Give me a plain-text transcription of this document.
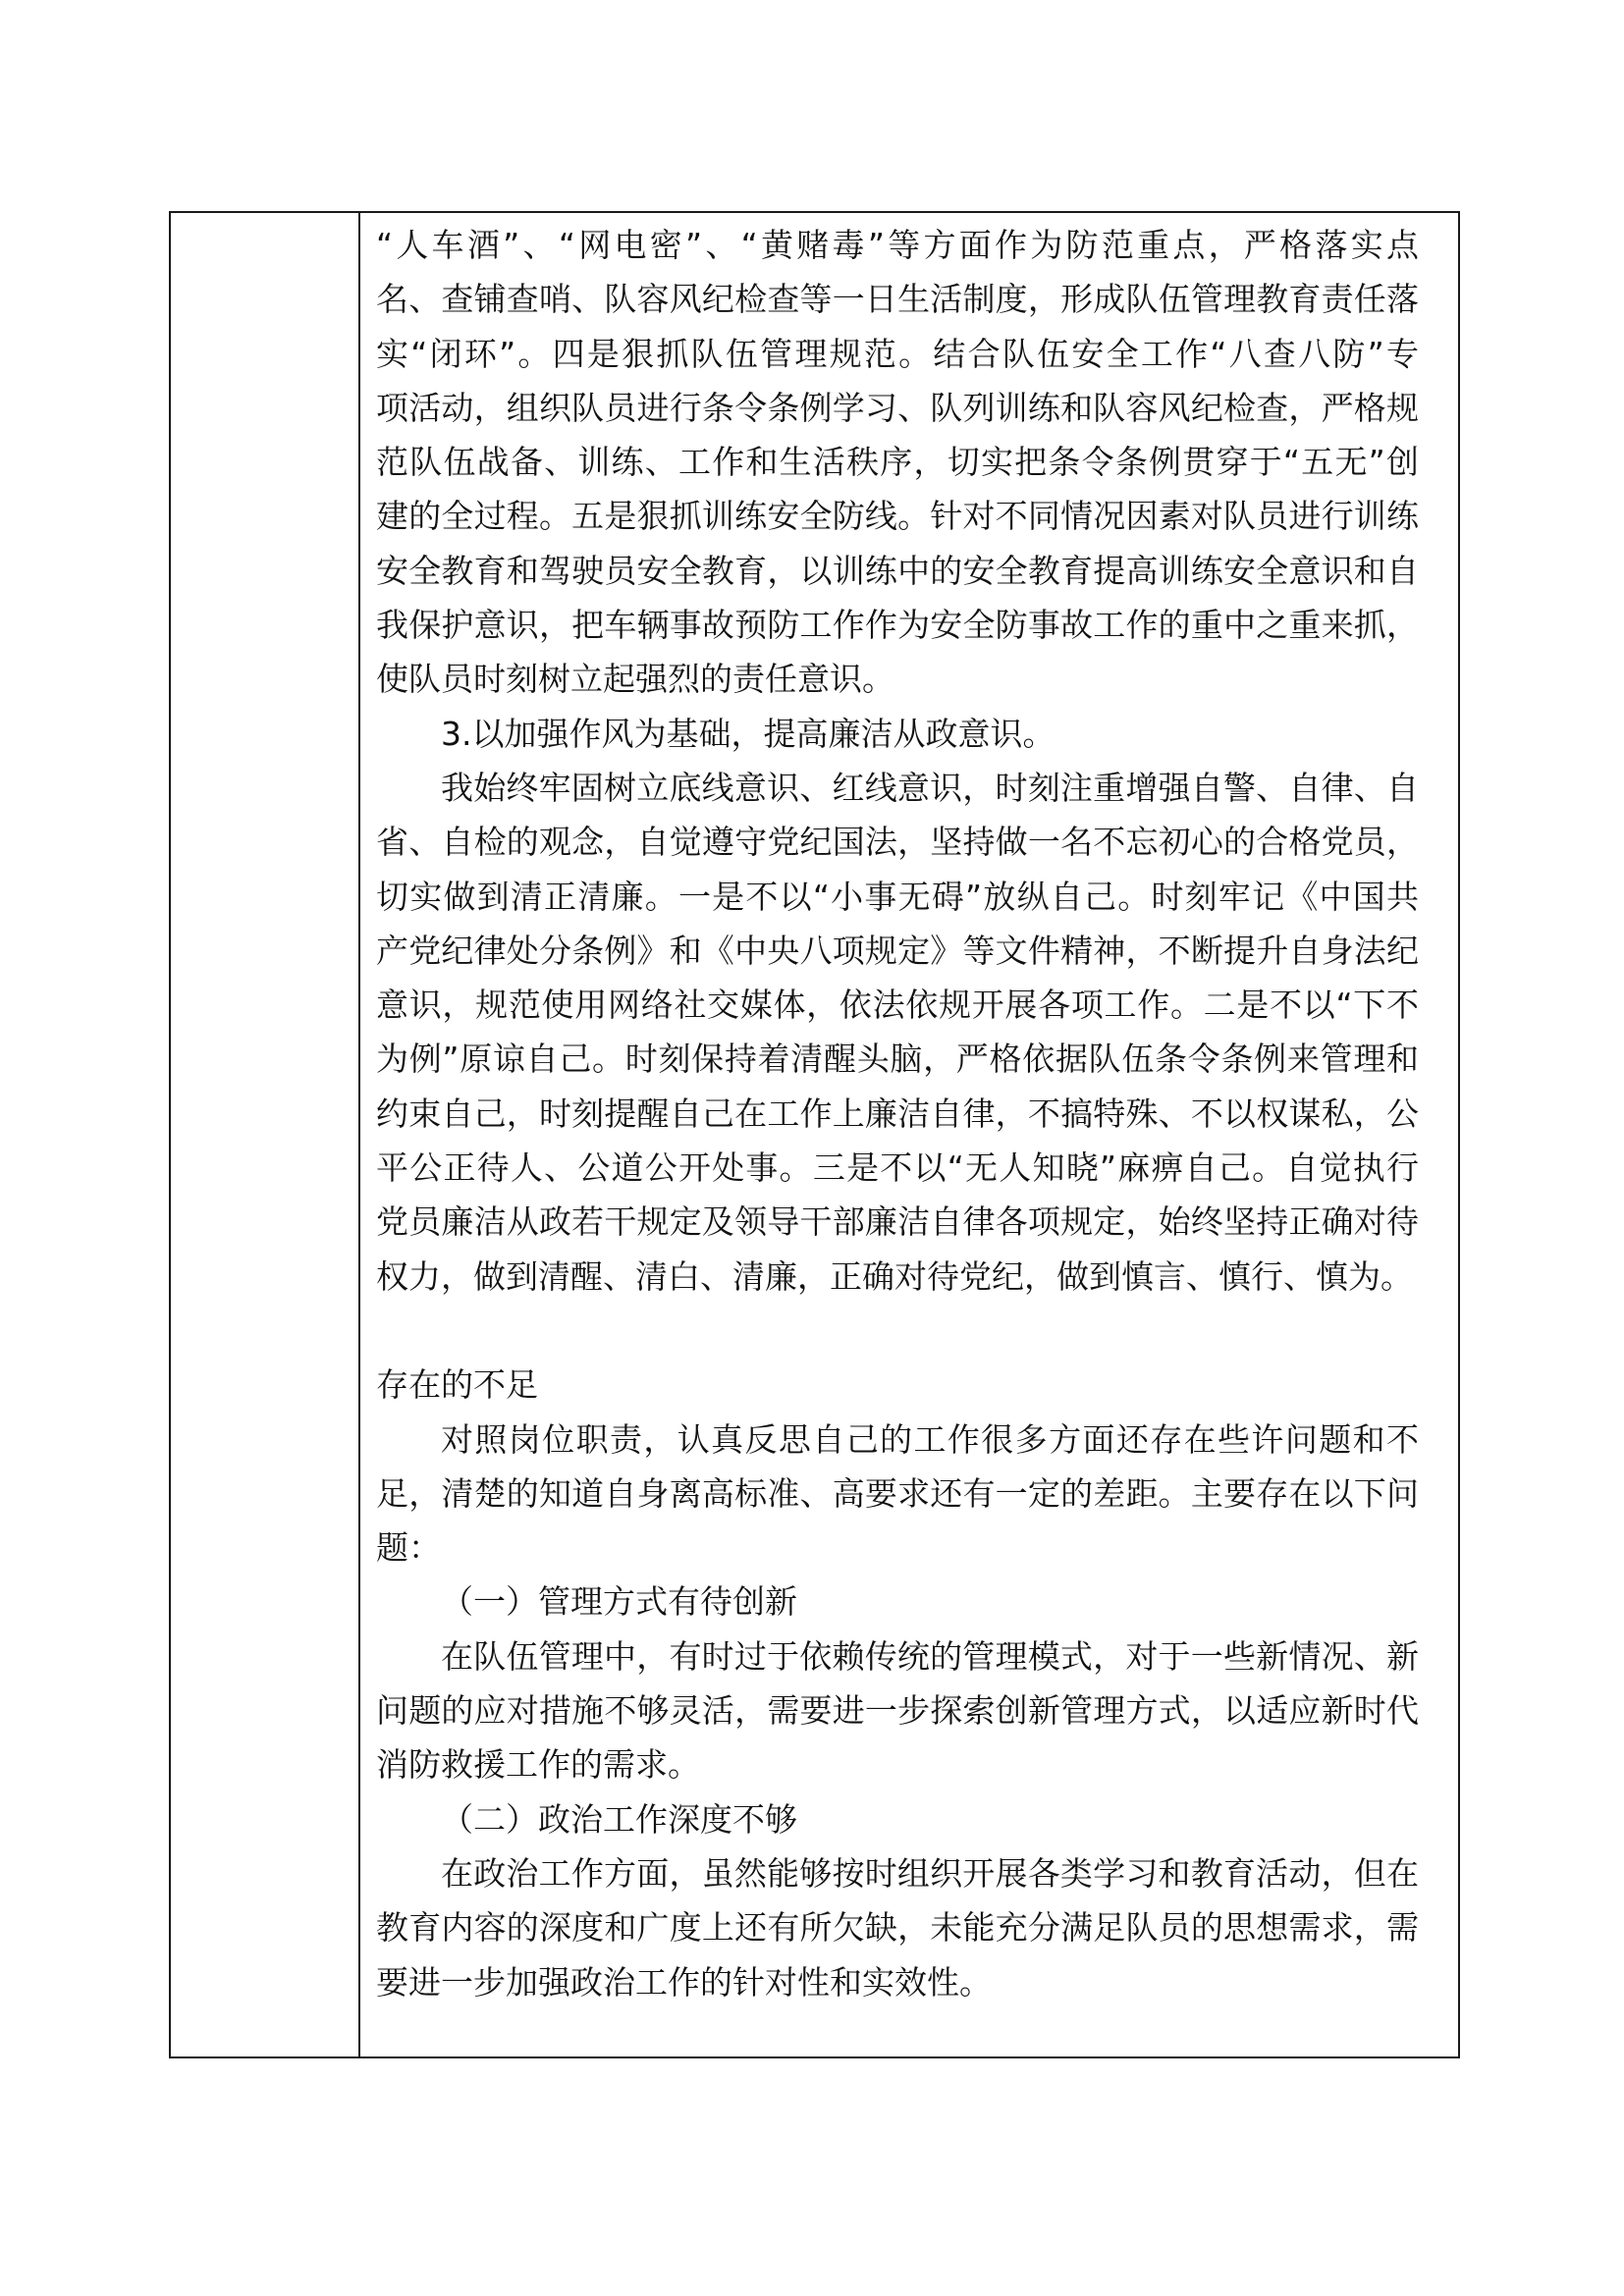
“人车酒”、“网电密”、“黄赌毒”等方面作为防范重点，严格落实点
名、查铺查哨、队容风纪检查等一日生活制度，形成队伍管理教育责任落
实“闭环”。四是狠抓队伍管理规范。结合队伍安全工作“八查八防”专
项活动，组织队员进行条令条例学习、队列训练和队容风纪检查，严格规
范队伍战备、训练、工作和生活秩序，切实把条令条例贯穿于“五无”创
建的全过程。五是狠抓训练安全防线。针对不同情况因素对队员进行训练
安全教育和驾驶员安全教育，以训练中的安全教育提高训练安全意识和自
我保护意识，把车辆事故预防工作作为安全防事故工作的重中之重来抓，
使队员时刻树立起强烈的责任意识。
3.以加强作风为基础，提高廉洁从政意识。
我始终牢固树立底线意识、红线意识，时刻注重增强自警、自律、自
省、自检的观念，自觉遵守党纪国法，坚持做一名不忘初心的合格党员，
切实做到清正清廉。一是不以“小事无碍”放纵自己。时刻牢记《中国共
产党纪律处分条例》和《中央八项规定》等文件精神，不断提升自身法纪
意识，规范使用网络社交媒体，依法依规开展各项工作。二是不以“下不
为例”原谅自己。时刻保持着清醒头脑，严格依据队伍条令条例来管理和
约束自己，时刻提醒自己在工作上廉洁自律，不搞特殊、不以权谋私，公
平公正待人、公道公开处事。三是不以“无人知晓”麻痹自己。自觉执行
党员廉洁从政若干规定及领导干部廉洁自律各项规定，始终坚持正确对待
权力，做到清醒、清白、清廉，正确对待党纪，做到慎言、慎行、慎为。
存在的不足
对照岗位职责，认真反思自己的工作很多方面还存在些许问题和不
足，清楚的知道自身离高标准、高要求还有一定的差距。主要存在以下问
题：
（一）管理方式有待创新
在队伍管理中，有时过于依赖传统的管理模式，对于一些新情况、新
问题的应对措施不够灵活，需要进一步探索创新管理方式，以适应新时代
消防救援工作的需求。
（二）政治工作深度不够
在政治工作方面，虽然能够按时组织开展各类学习和教育活动，但在
教育内容的深度和广度上还有所欠缺，未能充分满足队员的思想需求，需
要进一步加强政治工作的针对性和实效性。
